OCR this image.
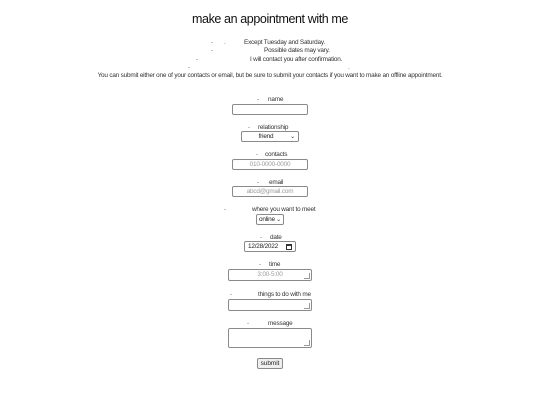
make an appointment with me
- .	Except Tuesday and Saturday.
-	Possible dates may vary.
-	I will contact you after confirmation.
-	.
You can submit either one of your contacts or email, but be sure to submit your contacts if you want to make an offline appointment.
- name
- relationship
friend	⌄
- contacts
010-0000-0000
- email
abcd@gmail.com
-	where you want to meet
online ⌄
- date
12/28/2022
- time
3:00-5:00
-	things to do with me
-	message
submit
